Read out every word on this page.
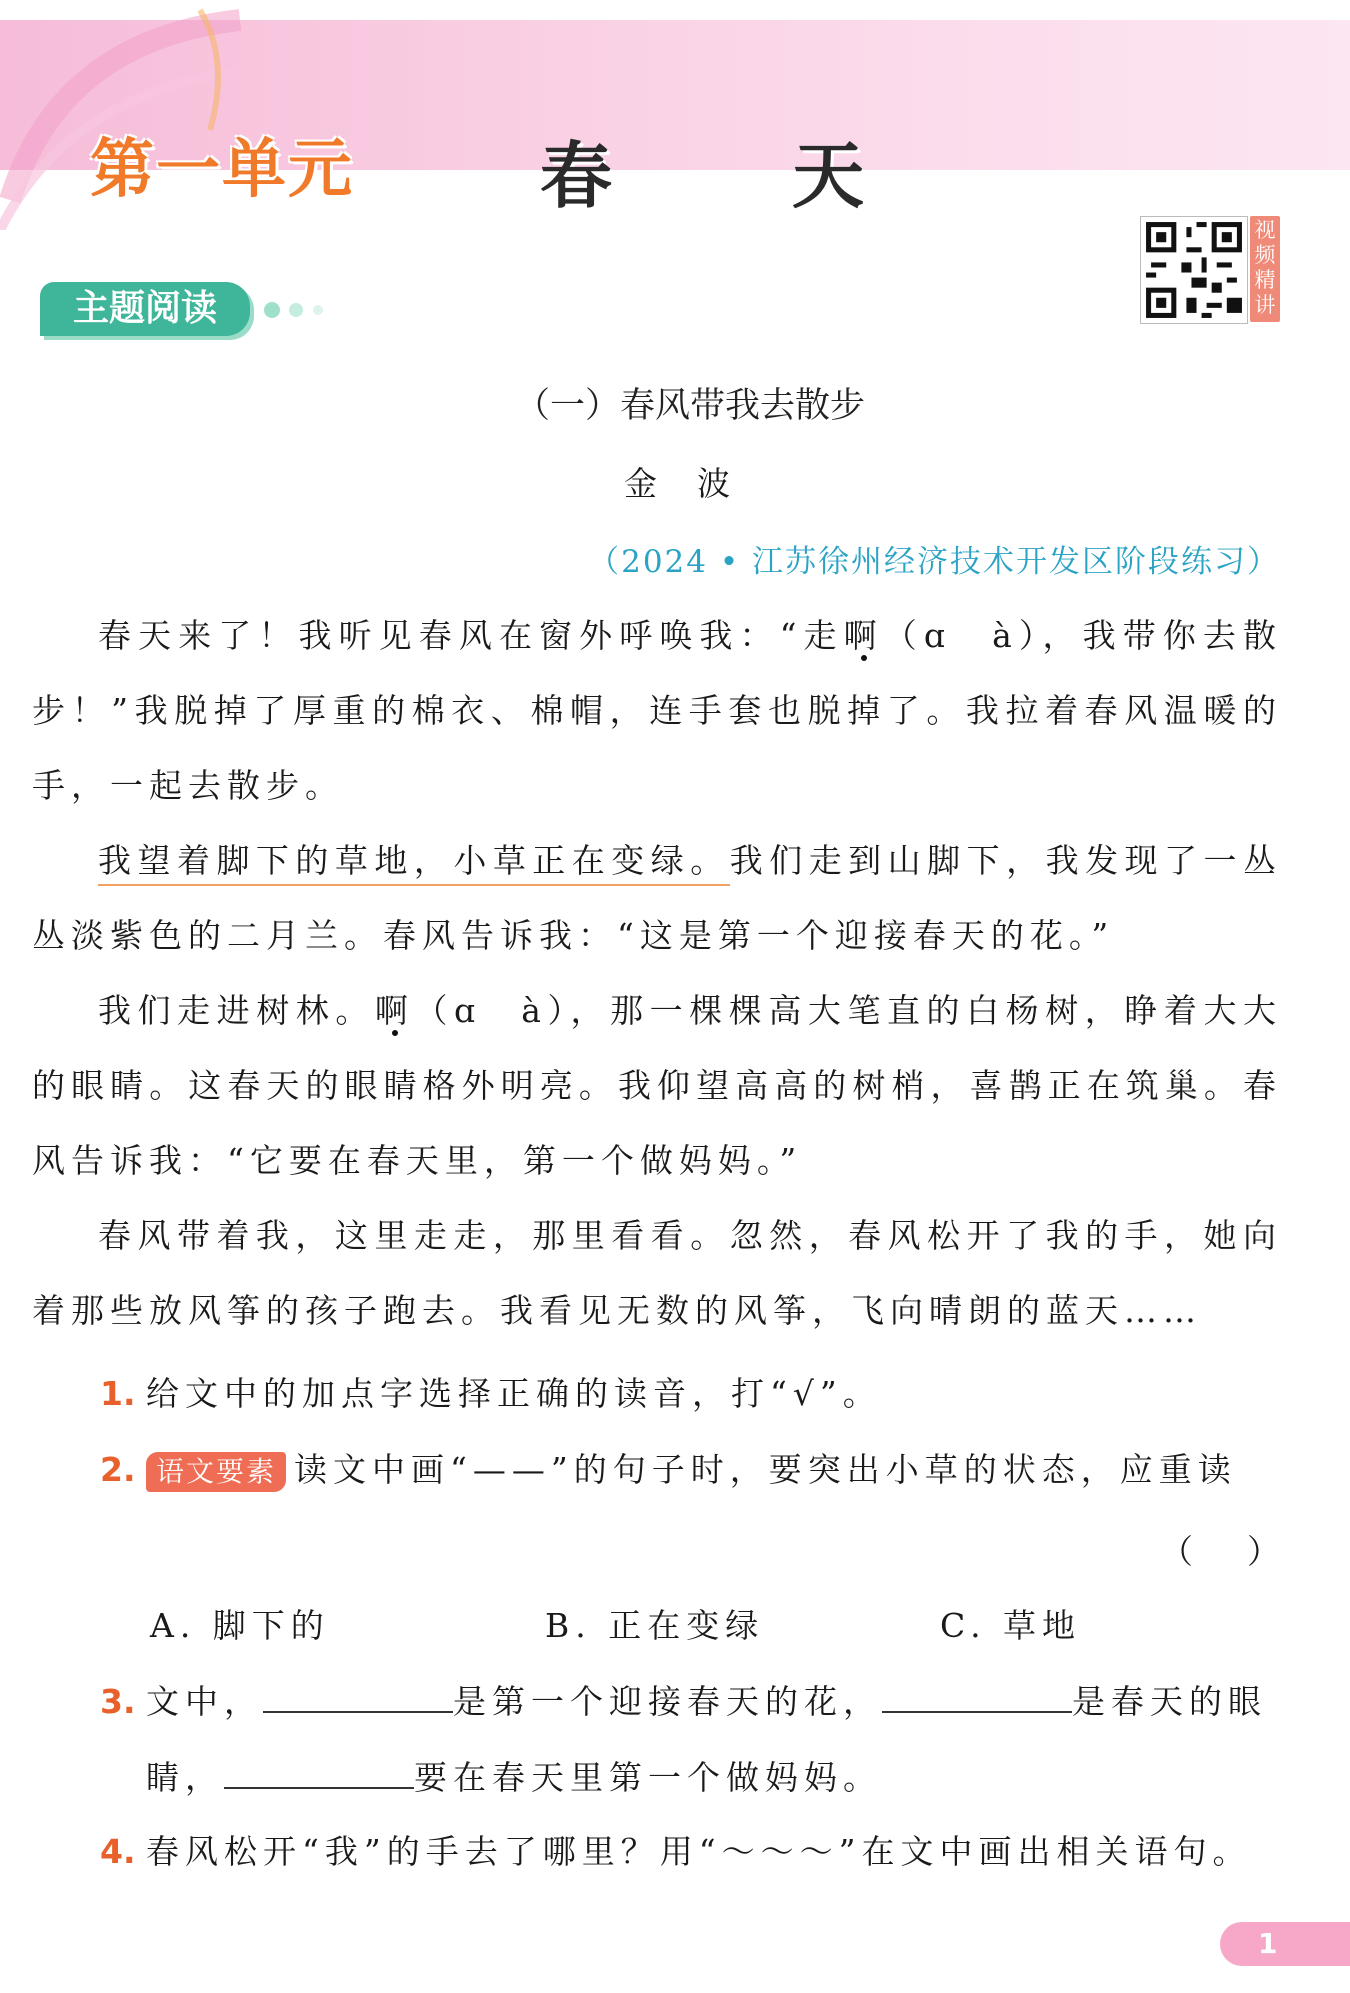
第一单元	春天
视频精讲
主题阅读
（一）春风带我去散步
金波
（2024 • 江苏徐州经济技术开发区阶段练习）

春天来了！我听见春风在窗外呼唤我：“走啊（ɑ　à），我带你去散步！”我脱掉了厚重的棉衣、棉帽，连手套也脱掉了。我拉着春风温暖的手，一起去散步。

我望着脚下的草地，小草正在变绿。我们走到山脚下，我发现了一丛丛淡紫色的二月兰。春风告诉我：“这是第一个迎接春天的花。”

我们走进树林。啊（ɑ　à），那一棵棵高大笔直的白杨树，睁着大大的眼睛。这春天的眼睛格外明亮。我仰望高高的树梢，喜鹊正在筑巢。春风告诉我：“它要在春天里，第一个做妈妈。”

春风带着我，这里走走，那里看看。忽然，春风松开了我的手，她向着那些放风筝的孩子跑去。我看见无数的风筝，飞向晴朗的蓝天……

1. 给文中的加点字选择正确的读音，打“√”。
2. 语文要素 读文中画“——”的句子时，要突出小草的状态，应重读
（ ）
A. 脚下的	B. 正在变绿	C. 草地
3. 文中，	是第一个迎接春天的花，	是春天的眼
睛，	要在春天里第一个做妈妈。
4. 春风松开“我”的手去了哪里？用“～～～”在文中画出相关语句。
1
